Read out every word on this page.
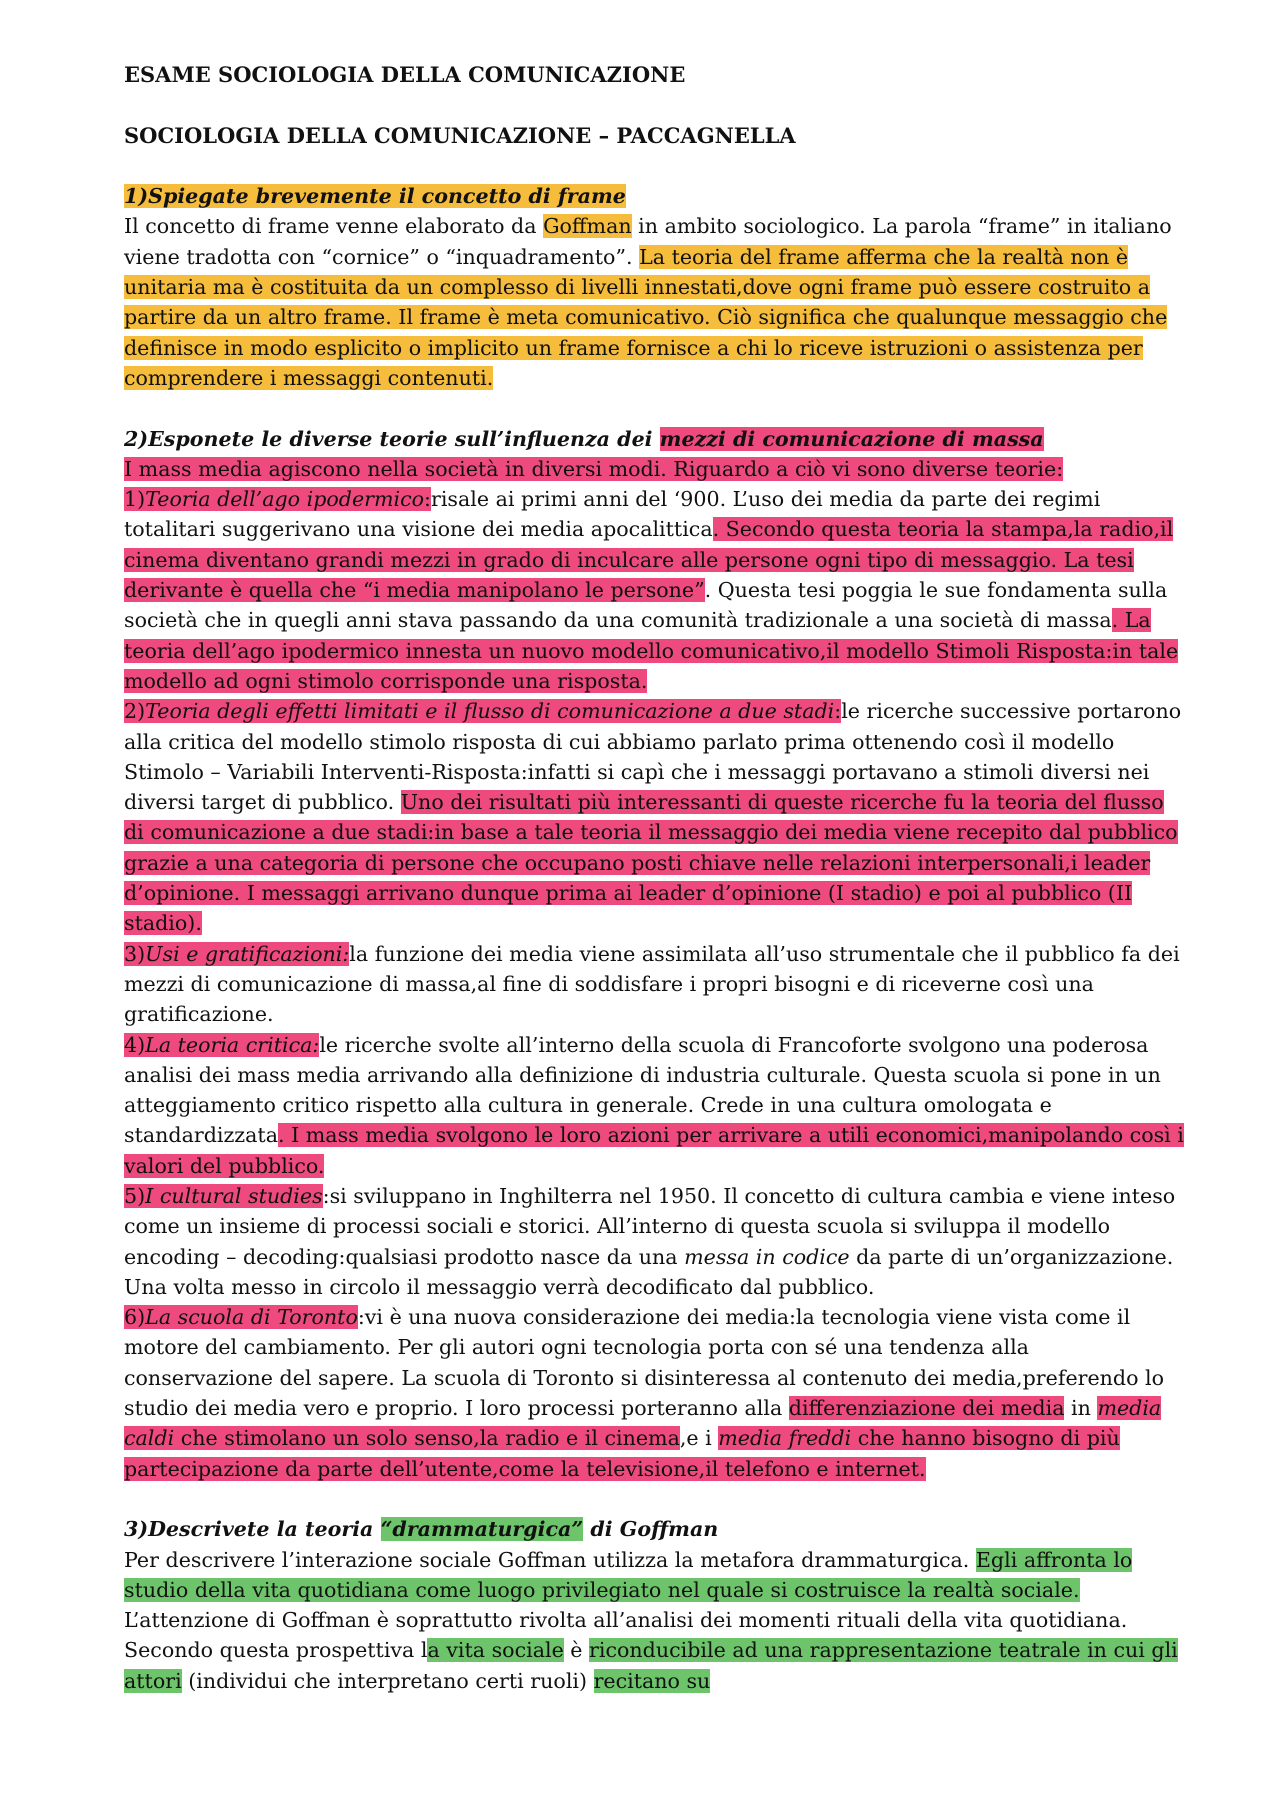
ESAME SOCIOLOGIA DELLA COMUNICAZIONE

SOCIOLOGIA DELLA COMUNICAZIONE – PACCAGNELLA

1)Spiegate brevemente il concetto di frame

Il concetto di frame venne elaborato da Goffman in ambito sociologico. La parola “frame” in italiano viene tradotta con “cornice” o “inquadramento”. La teoria del frame afferma che la realtà non è unitaria ma è costituita da un complesso di livelli innestati,dove ogni frame può essere costruito a partire da un altro frame. Il frame è meta comunicativo. Ciò significa che qualunque messaggio che definisce in modo esplicito o implicito un frame fornisce a chi lo riceve istruzioni o assistenza per comprendere i messaggi contenuti.

2)Esponete le diverse teorie sull’influenza dei mezzi di comunicazione di massa

I mass media agiscono nella società in diversi modi. Riguardo a ciò vi sono diverse teorie:
1)Teoria dell’ago ipodermico:risale ai primi anni del ‘900. L’uso dei media da parte dei regimi totalitari suggerivano una visione dei media apocalittica. Secondo questa teoria la stampa,la radio,il cinema diventano grandi mezzi in grado di inculcare alle persone ogni tipo di messaggio. La tesi derivante è quella che “i media manipolano le persone”. Questa tesi poggia le sue fondamenta sulla società che in quegli anni stava passando da una comunità tradizionale a una società di massa. La teoria dell’ago ipodermico innesta un nuovo modello comunicativo,il modello Stimoli Risposta:in tale modello ad ogni stimolo corrisponde una risposta.
2)Teoria degli effetti limitati e il flusso di comunicazione a due stadi:le ricerche successive portarono alla critica del modello stimolo risposta di cui abbiamo parlato prima ottenendo così il modello Stimolo – Variabili Interventi-Risposta:infatti si capì che i messaggi portavano a stimoli diversi nei diversi target di pubblico. Uno dei risultati più interessanti di queste ricerche fu la teoria del flusso di comunicazione a due stadi:in base a tale teoria il messaggio dei media viene recepito dal pubblico grazie a una categoria di persone che occupano posti chiave nelle relazioni interpersonali,i leader d’opinione. I messaggi arrivano dunque prima ai leader d’opinione (I stadio) e poi al pubblico (II stadio).
3)Usi e gratificazioni:la funzione dei media viene assimilata all’uso strumentale che il pubblico fa dei mezzi di comunicazione di massa,al fine di soddisfare i propri bisogni e di riceverne così una gratificazione.
4)La teoria critica:le ricerche svolte all’interno della scuola di Francoforte svolgono una poderosa analisi dei mass media arrivando alla definizione di industria culturale. Questa scuola si pone in un atteggiamento critico rispetto alla cultura in generale. Crede in una cultura omologata e standardizzata. I mass media svolgono le loro azioni per arrivare a utili economici,manipolando così i valori del pubblico.
5)I cultural studies:si sviluppano in Inghilterra nel 1950. Il concetto di cultura cambia e viene inteso come un insieme di processi sociali e storici. All’interno di questa scuola si sviluppa il modello encoding – decoding:qualsiasi prodotto nasce da una messa in codice da parte di un’organizzazione. Una volta messo in circolo il messaggio verrà decodificato dal pubblico.
6)La scuola di Toronto:vi è una nuova considerazione dei media:la tecnologia viene vista come il motore del cambiamento. Per gli autori ogni tecnologia porta con sé una tendenza alla conservazione del sapere. La scuola di Toronto si disinteressa al contenuto dei media,preferendo lo studio dei media vero e proprio. I loro processi porteranno alla differenziazione dei media in media caldi che stimolano un solo senso,la radio e il cinema,e i media freddi che hanno bisogno di più partecipazione da parte dell’utente,come la televisione,il telefono e internet.

3)Descrivete la teoria “drammaturgica” di Goffman

Per descrivere l’interazione sociale Goffman utilizza la metafora drammaturgica. Egli affronta lo studio della vita quotidiana come luogo privilegiato nel quale si costruisce la realtà sociale. L’attenzione di Goffman è soprattutto rivolta all’analisi dei momenti rituali della vita quotidiana. Secondo questa prospettiva la vita sociale è riconducibile ad una rappresentazione teatrale in cui gli attori (individui che interpretano certi ruoli) recitano su
